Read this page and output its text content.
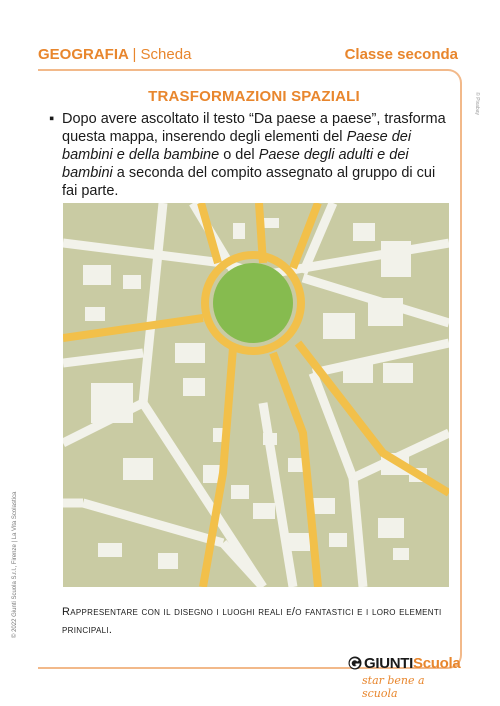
GEOGRAFIA | Scheda	Classe seconda
© Pixabay
© 2022 Giunti Scuola S.r.l., Firenze | La Vita Scolastica
TRASFORMAZIONI SPAZIALI
▪ Dopo avere ascoltato il testo “Da paese a paese”, trasforma questa mappa, inserendo degli elementi del Paese dei bambini e della bambine o del Paese degli adulti e dei bambini a seconda del compito assegnato al gruppo di cui fai parte.
Rappresentare con il disegno i luoghi reali e/o fantastici e i loro elementi principali.
GIUNTIScuola
star bene a scuola
